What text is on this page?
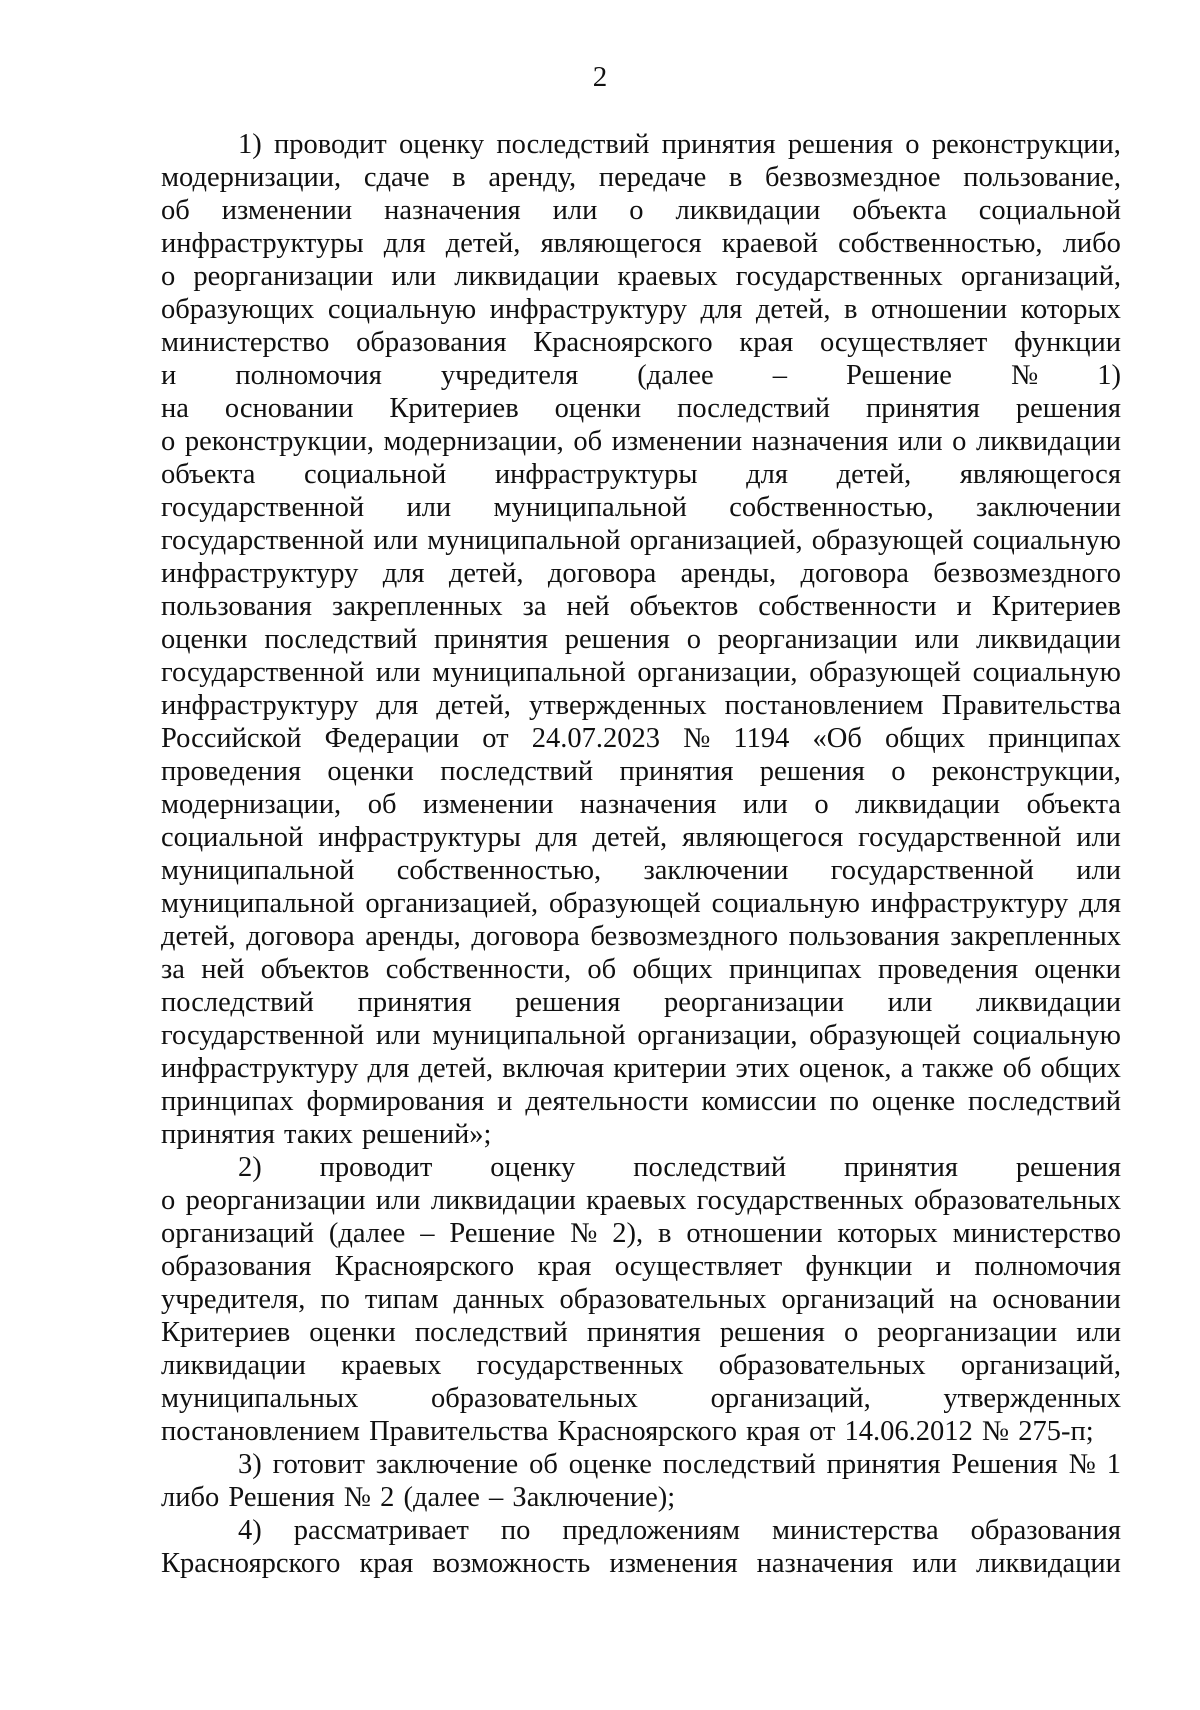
2
1) проводит оценку последствий принятия решения о реконструкции,
модернизации, сдаче в аренду, передаче в безвозмездное пользование,
об изменении назначения или о ликвидации объекта социальной
инфраструктуры для детей, являющегося краевой собственностью, либо
о реорганизации или ликвидации краевых государственных организаций,
образующих социальную инфраструктуру для детей, в отношении которых
министерство образования Красноярского края осуществляет функции
и полномочия учредителя (далее – Решение № 1)
на основании Критериев оценки последствий принятия решения
о реконструкции, модернизации, об изменении назначения или о ликвидации
объекта социальной инфраструктуры для детей, являющегося
государственной или муниципальной собственностью, заключении
государственной или муниципальной организацией, образующей социальную
инфраструктуру для детей, договора аренды, договора безвозмездного
пользования закрепленных за ней объектов собственности и Критериев
оценки последствий принятия решения о реорганизации или ликвидации
государственной или муниципальной организации, образующей социальную
инфраструктуру для детей, утвержденных постановлением Правительства
Российской Федерации от 24.07.2023 № 1194 «Об общих принципах
проведения оценки последствий принятия решения о реконструкции,
модернизации, об изменении назначения или о ликвидации объекта
социальной инфраструктуры для детей, являющегося государственной или
муниципальной собственностью, заключении государственной или
муниципальной организацией, образующей социальную инфраструктуру для
детей, договора аренды, договора безвозмездного пользования закрепленных
за ней объектов собственности, об общих принципах проведения оценки
последствий принятия решения реорганизации или ликвидации
государственной или муниципальной организации, образующей социальную
инфраструктуру для детей, включая критерии этих оценок, а также об общих
принципах формирования и деятельности комиссии по оценке последствий
принятия таких решений»;
2) проводит оценку последствий принятия решения
о реорганизации или ликвидации краевых государственных образовательных
организаций (далее – Решение № 2), в отношении которых министерство
образования Красноярского края осуществляет функции и полномочия
учредителя, по типам данных образовательных организаций на основании
Критериев оценки последствий принятия решения о реорганизации или
ликвидации краевых государственных образовательных организаций,
муниципальных	образовательных	организаций,	утвержденных
постановлением Правительства Красноярского края от 14.06.2012 № 275-п;
3) готовит заключение об оценке последствий принятия Решения № 1
либо Решения № 2 (далее – Заключение);
4) рассматривает по предложениям министерства образования
Красноярского края возможность изменения назначения или ликвидации
